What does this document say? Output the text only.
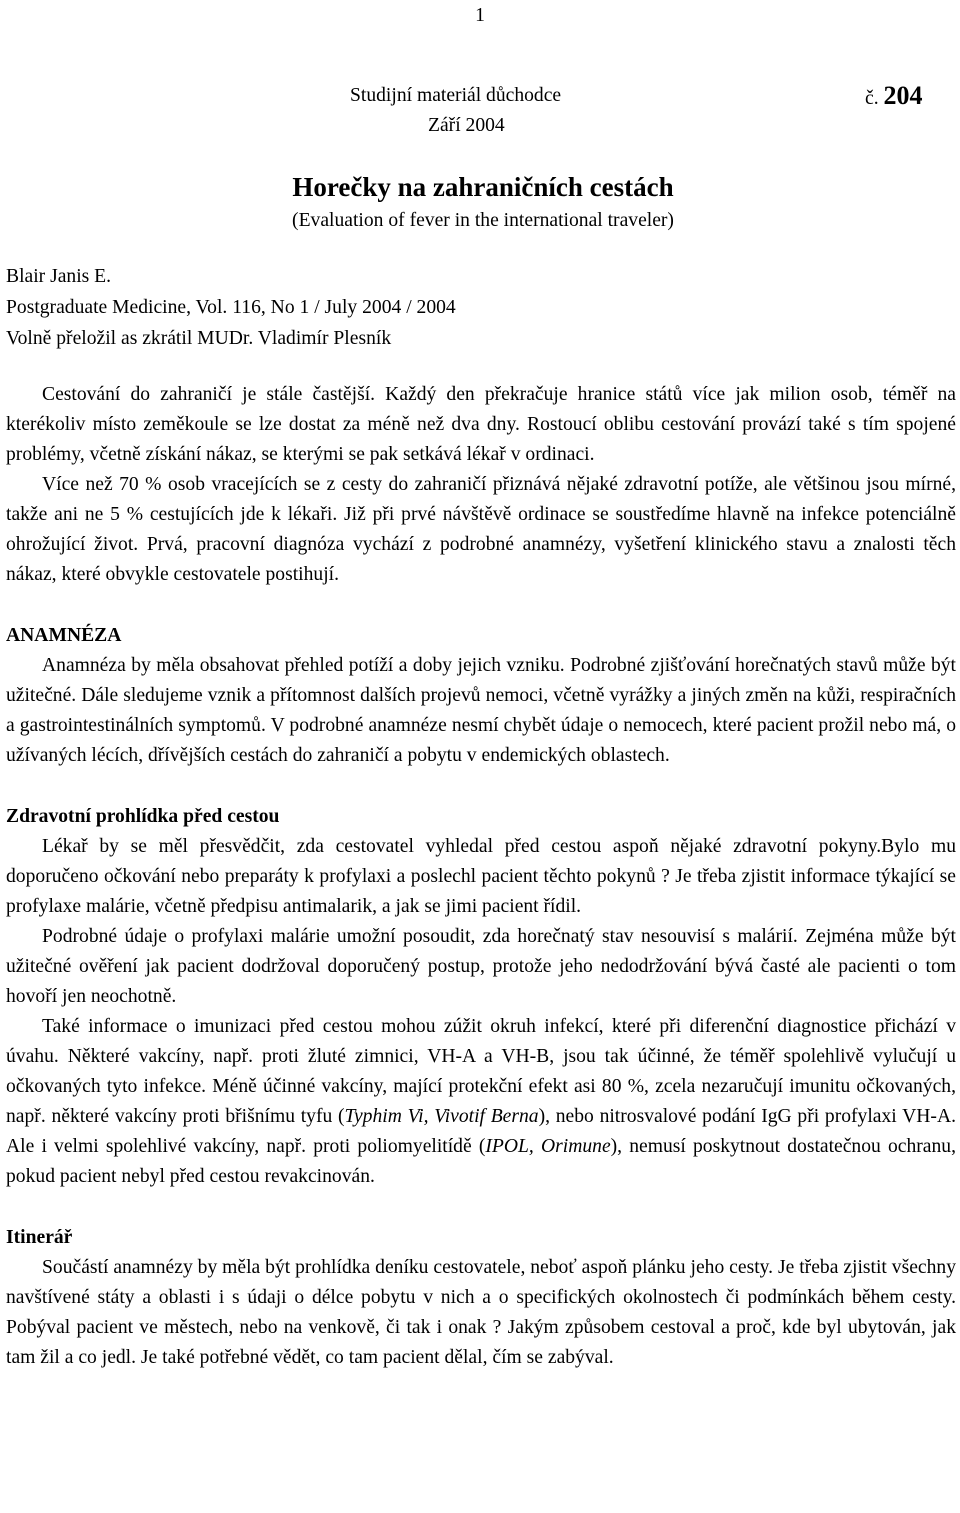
1
Studijní materiál důchodce	č. 204
Září 2004
Horečky na zahraničních cestách
(Evaluation of fever in the international traveler)
Blair Janis E.
Postgraduate Medicine, Vol. 116, No 1 / July 2004 / 2004
Volně přeložil as zkrátil MUDr. Vladimír Plesník

Cestování do zahraničí je stále častější. Každý den překračuje hranice států více jak milion osob, téměř na kterékoliv místo zeměkoule se lze dostat za méně než dva dny. Rostoucí oblibu cestování provází také s tím spojené problémy, včetně získání nákaz, se kterými se pak setkává lékař v ordinaci.

Více než 70 % osob vracejících se z cesty do zahraničí přiznává nějaké zdravotní potíže, ale většinou jsou mírné, takže ani ne 5 % cestujících jde k lékaři. Již při prvé návštěvě ordinace se soustředíme hlavně na infekce potenciálně ohrožující život. Prvá, pracovní diagnóza vychází z podrobné anamnézy, vyšetření klinického stavu a znalosti těch nákaz, které obvykle cestovatele postihují.

ANAMNÉZA

Anamnéza by měla obsahovat přehled potíží a doby jejich vzniku. Podrobné zjišťování horečnatých stavů může být užitečné. Dále sledujeme vznik a přítomnost dalších projevů nemoci, včetně vyrážky a jiných změn na kůži, respiračních a gastrointestinálních symptomů. V podrobné anamnéze nesmí chybět údaje o nemocech, které pacient prožil nebo má, o užívaných lécích, dřívějších cestách do zahraničí a pobytu v endemických oblastech.

Zdravotní prohlídka před cestou

Lékař by se měl přesvědčit, zda cestovatel vyhledal před cestou aspoň nějaké zdravotní pokyny.Bylo mu doporučeno očkování nebo preparáty k profylaxi a poslechl pacient těchto pokynů ? Je třeba zjistit informace týkající se profylaxe malárie, včetně předpisu antimalarik, a jak se jimi pacient řídil.

Podrobné údaje o profylaxi malárie umožní posoudit, zda horečnatý stav nesouvisí s malárií. Zejména může být užitečné ověření jak pacient dodržoval doporučený postup, protože jeho nedodržování bývá časté ale pacienti o tom hovoří jen neochotně.

Také informace o imunizaci před cestou mohou zúžit okruh infekcí, které při diferenční diagnostice přichází v úvahu. Některé vakcíny, např. proti žluté zimnici, VH-A a VH-B, jsou tak účinné, že téměř spolehlivě vylučují u očkovaných tyto infekce. Méně účinné vakcíny, mající protekční efekt asi 80 %, zcela nezaručují imunitu očkovaných, např. některé vakcíny proti břišnímu tyfu (Typhim Vi, Vivotif Berna), nebo nitrosvalové podání IgG při profylaxi VH-A. Ale i velmi spolehlivé vakcíny, např. proti poliomyelitídě (IPOL, Orimune), nemusí poskytnout dostatečnou ochranu, pokud pacient nebyl před cestou revakcinován.

Itinerář

Součástí anamnézy by měla být prohlídka deníku cestovatele, neboť aspoň plánku jeho cesty. Je třeba zjistit všechny navštívené státy a oblasti i s údaji o délce pobytu v nich a o specifických okolnostech či podmínkách během cesty. Pobýval pacient ve městech, nebo na venkově, či tak i onak ? Jakým způsobem cestoval a proč, kde byl ubytován, jak tam žil a co jedl. Je také potřebné vědět, co tam pacient dělal, čím se zabýval.
